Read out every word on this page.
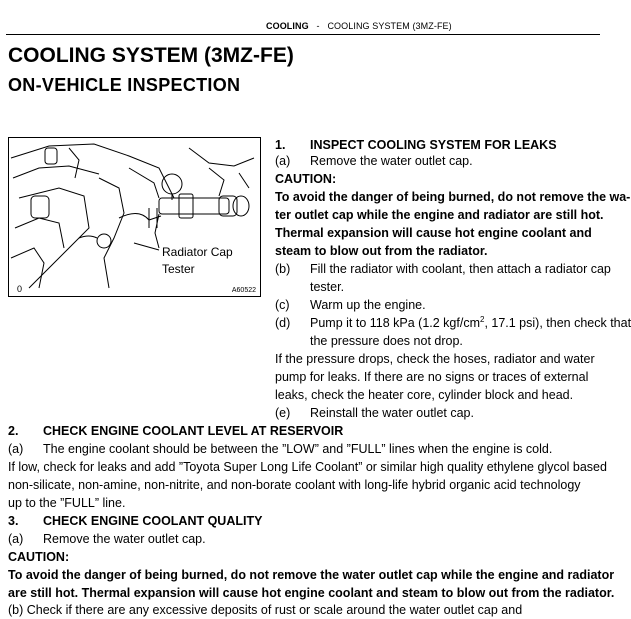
COOLING - COOLING SYSTEM (3MZ-FE)
COOLING SYSTEM (3MZ-FE)
ON-VEHICLE INSPECTION
Radiator Cap
Tester
0	A60522
1. INSPECT COOLING SYSTEM FOR LEAKS
(a) Remove the water outlet cap.
CAUTION:
To avoid the danger of being burned, do not remove the wa-
ter outlet cap while the engine and radiator are still hot.
Thermal expansion will cause hot engine coolant and
steam to blow out from the radiator.
(b) Fill the radiator with coolant, then attach a radiator cap
tester.
(c) Warm up the engine.
(d) Pump it to 118 kPa (1.2 kgf/$cm^2$, 17.1 psi), then check that
the pressure does not drop.
If the pressure drops, check the hoses, radiator and water
pump for leaks. If there are no signs or traces of external
leaks, check the heater core, cylinder block and head.
(e) Reinstall the water outlet cap.
2. CHECK ENGINE COOLANT LEVEL AT RESERVOIR
(a) The engine coolant should be between the ”LOW” and ”FULL” lines when the engine is cold.
If low, check for leaks and add ”Toyota Super Long Life Coolant” or similar high quality ethylene glycol based
non-silicate, non-amine, non-nitrite, and non-borate coolant with long-life hybrid organic acid technology
up to the ”FULL” line.
3. CHECK ENGINE COOLANT QUALITY
(a) Remove the water outlet cap.
CAUTION:
To avoid the danger of being burned, do not remove the water outlet cap while the engine and radiator
are still hot. Thermal expansion will cause hot engine coolant and steam to blow out from the radiator.
(b) Check if there are any excessive deposits of rust or scale around the water outlet cap and
